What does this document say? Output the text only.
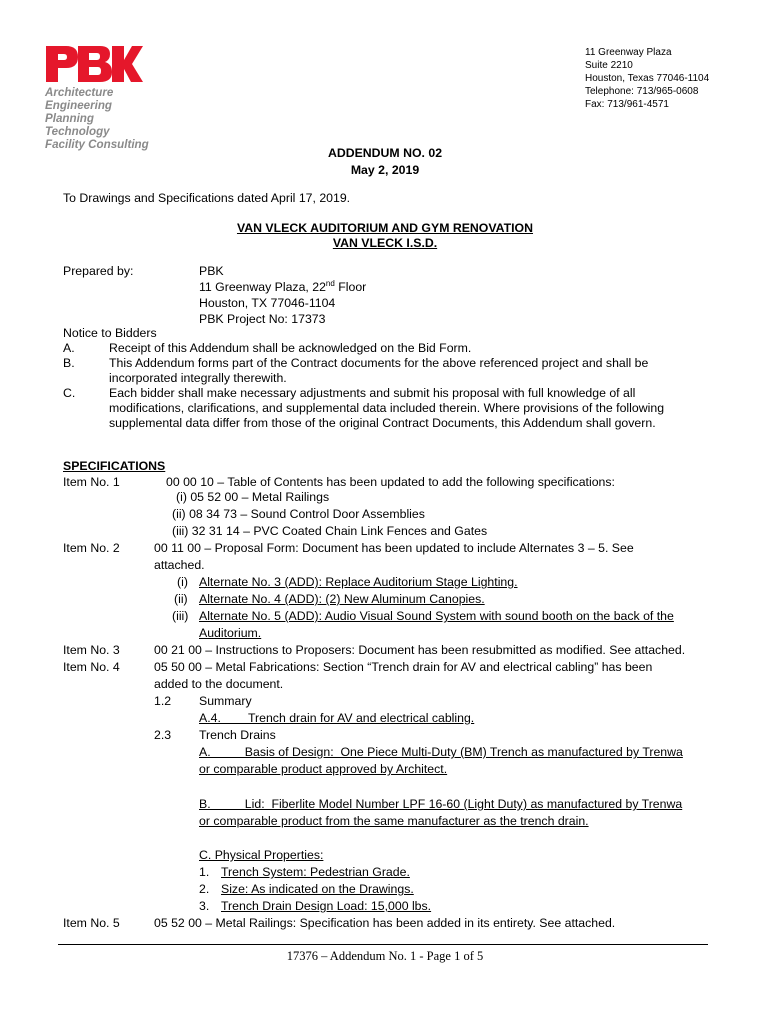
Architecture
Engineering
Planning
Technology
Facility Consulting
11 Greenway Plaza
Suite 2210
Houston, Texas 77046-1104
Telephone: 713/965-0608
Fax: 713/961-4571
ADDENDUM NO. 02
May 2, 2019
To Drawings and Specifications dated April 17, 2019.
VAN VLECK AUDITORIUM AND GYM RENOVATION
VAN VLECK I.S.D.
Prepared by:	PBK
11 Greenway Plaza, 22nd Floor
Houston, TX 77046-1104
PBK Project No: 17373
Notice to Bidders
A.	Receipt of this Addendum shall be acknowledged on the Bid Form.
B.	This Addendum forms part of the Contract documents for the above referenced project and shall be
incorporated integrally therewith.
C.	Each bidder shall make necessary adjustments and submit his proposal with full knowledge of all
modifications, clarifications, and supplemental data included therein. Where provisions of the following
supplemental data differ from those of the original Contract Documents, this Addendum shall govern.
SPECIFICATIONS
Item No. 1	00 00 10 – Table of Contents has been updated to add the following specifications:
(i) 05 52 00 – Metal Railings
(ii) 08 34 73 – Sound Control Door Assemblies
(iii) 32 31 14 – PVC Coated Chain Link Fences and Gates
Item No. 2	00 11 00 – Proposal Form: Document has been updated to include Alternates 3 – 5. See
attached.
(i) Alternate No. 3 (ADD): Replace Auditorium Stage Lighting.
(ii) Alternate No. 4 (ADD): (2) New Aluminum Canopies.
(iii) Alternate No. 5 (ADD): Audio Visual Sound System with sound booth on the back of the
Auditorium.
Item No. 3	00 21 00 – Instructions to Proposers: Document has been resubmitted as modified. See attached.
Item No. 4	05 50 00 – Metal Fabrications: Section “Trench drain for AV and electrical cabling” has been
added to the document.
1.2 Summary
A.4.        Trench drain for AV and electrical cabling.
2.3 Trench Drains
A.          Basis of Design:  One Piece Multi-Duty (BM) Trench as manufactured by Trenwa
or comparable product approved by Architect.
B.          Lid:  Fiberlite Model Number LPF 16-60 (Light Duty) as manufactured by Trenwa
or comparable product from the same manufacturer as the trench drain.
C. Physical Properties:
1. Trench System: Pedestrian Grade.
2. Size: As indicated on the Drawings.
3. Trench Drain Design Load: 15,000 lbs.
Item No. 5	05 52 00 – Metal Railings: Specification has been added in its entirety. See attached.
17376 – Addendum No. 1 - Page 1 of 5
